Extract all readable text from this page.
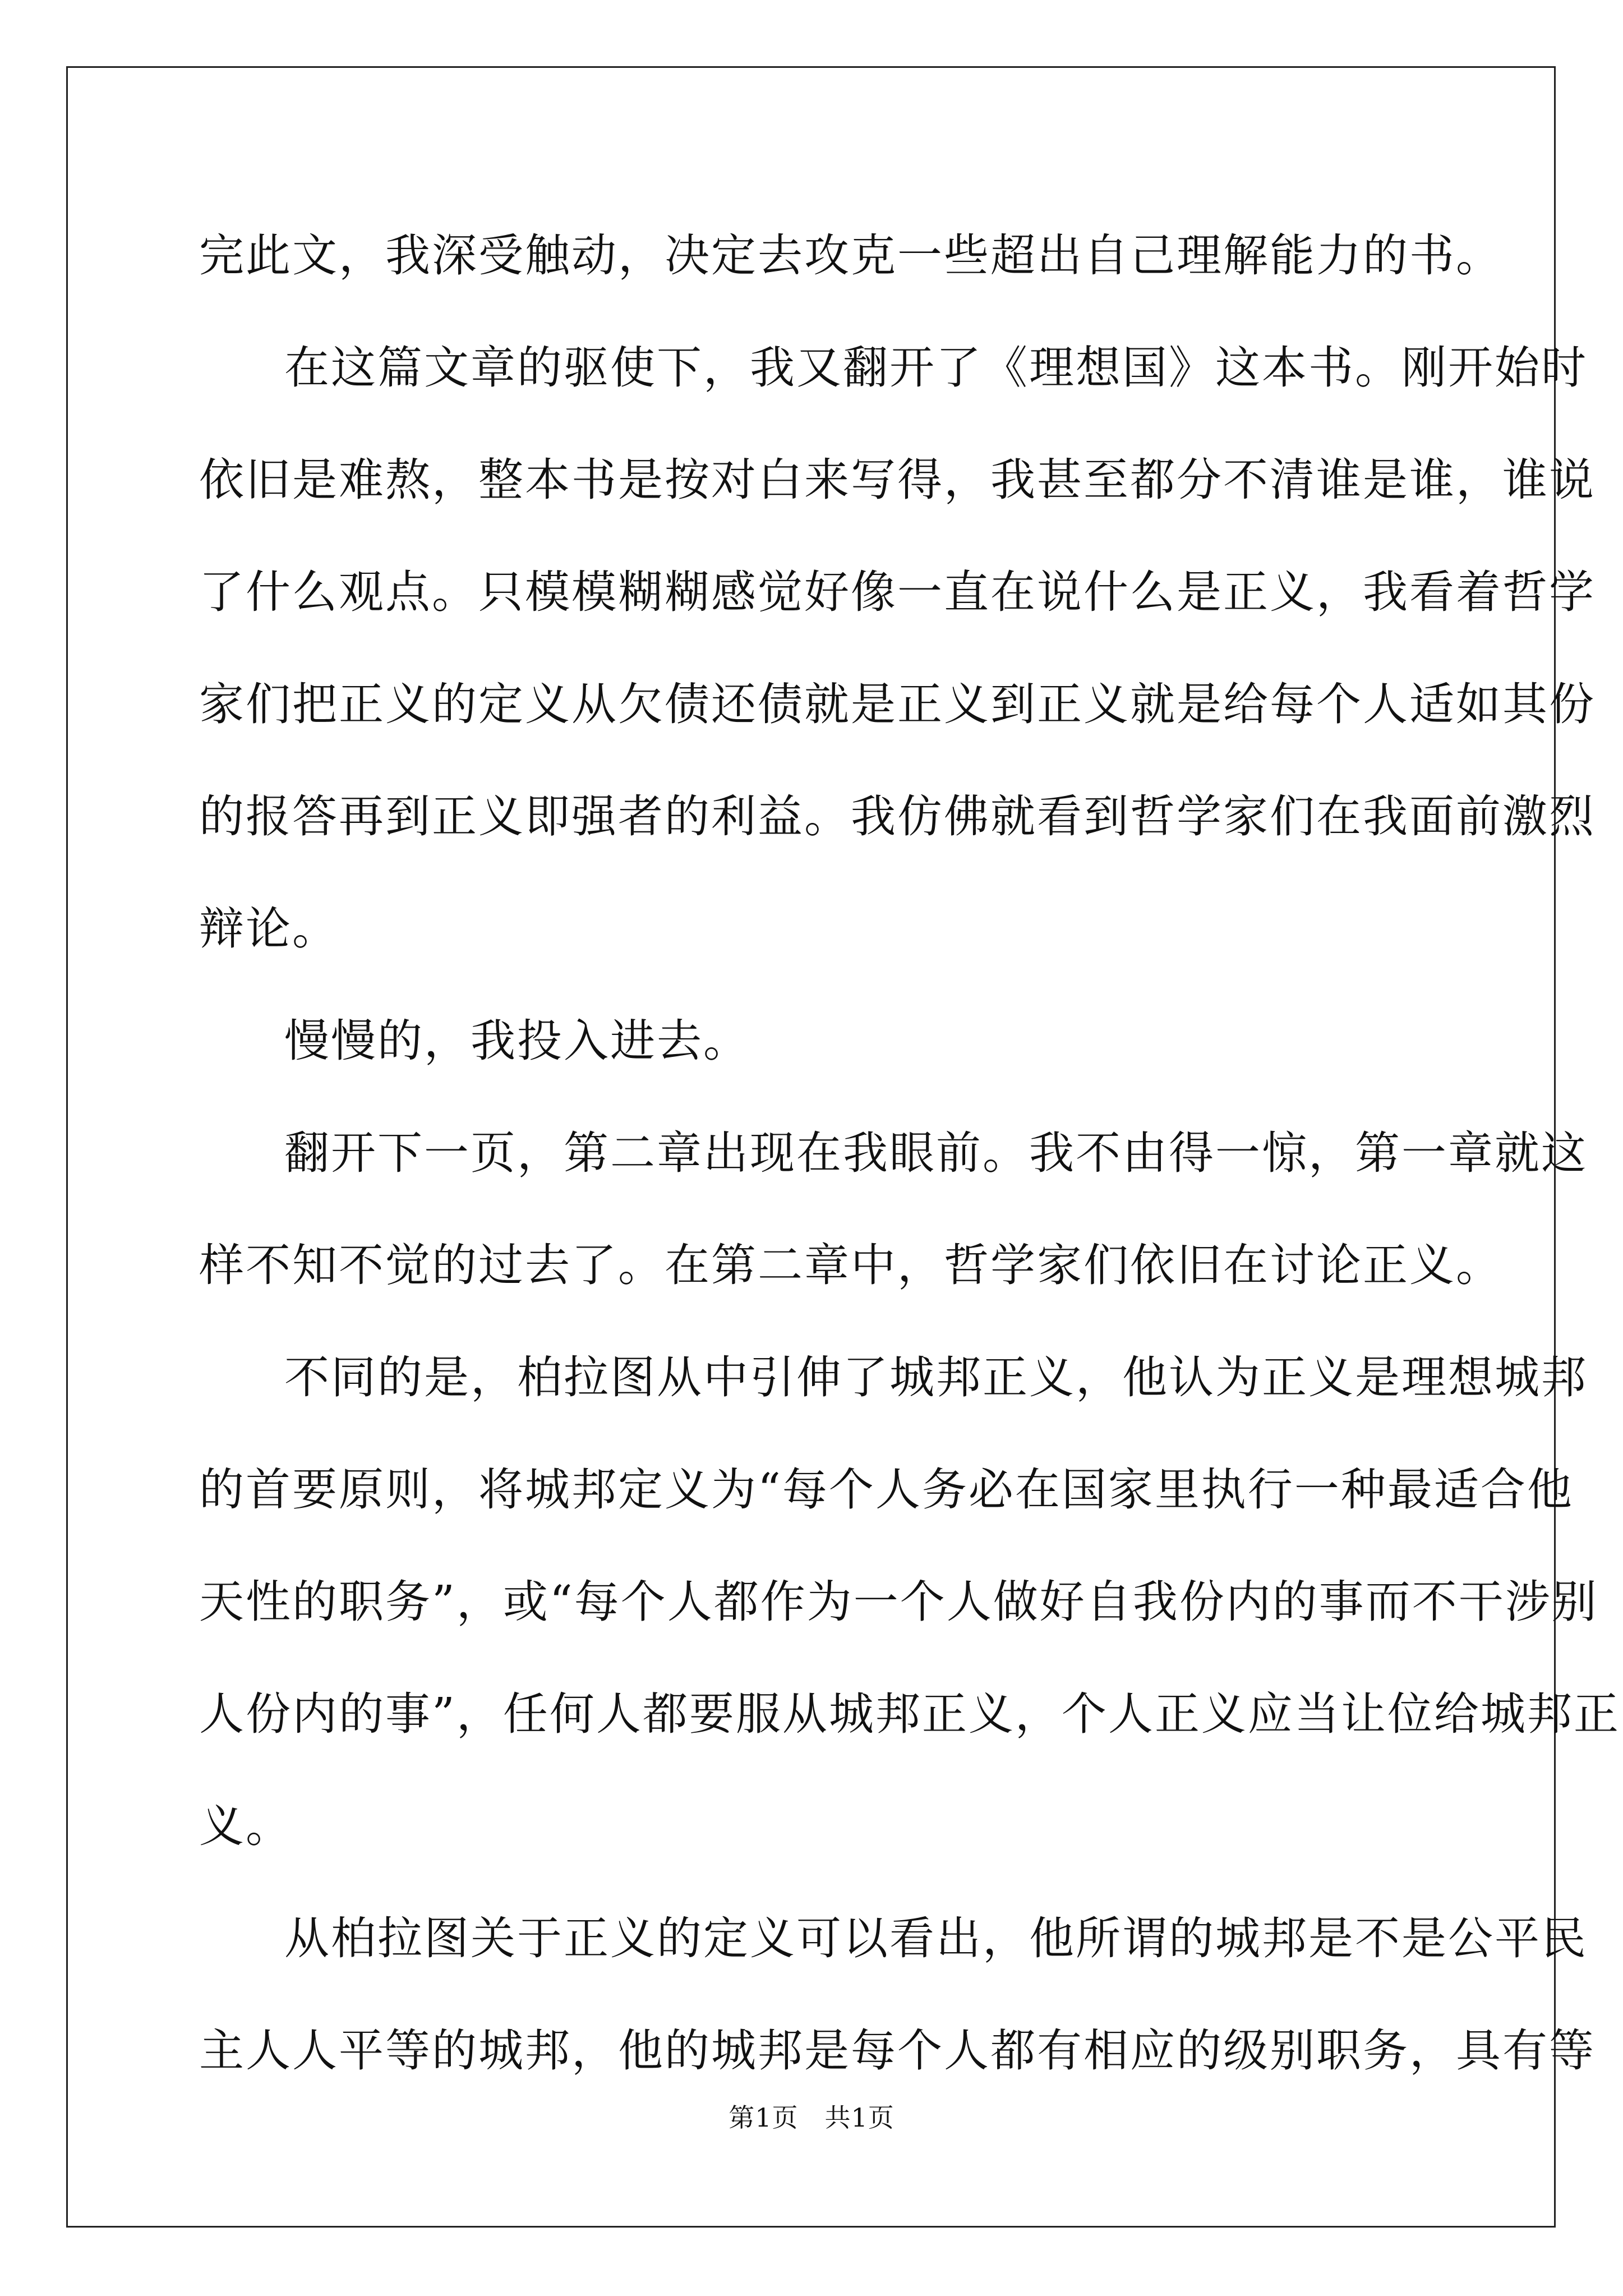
完此文，我深受触动，决定去攻克一些超出自己理解能力的书。
在这篇文章的驱使下，我又翻开了《理想国》这本书。刚开始时
依旧是难熬，整本书是按对白来写得，我甚至都分不清谁是谁，谁说
了什么观点。只模模糊糊感觉好像一直在说什么是正义，我看着哲学
家们把正义的定义从欠债还债就是正义到正义就是给每个人适如其份
的报答再到正义即强者的利益。我仿佛就看到哲学家们在我面前激烈
辩论。
慢慢的，我投入进去。
翻开下一页，第二章出现在我眼前。我不由得一惊，第一章就这
样不知不觉的过去了。在第二章中，哲学家们依旧在讨论正义。
不同的是，柏拉图从中引伸了城邦正义，他认为正义是理想城邦
的首要原则，将城邦定义为“每个人务必在国家里执行一种最适合他
天性的职务”，或“每个人都作为一个人做好自我份内的事而不干涉别
人份内的事”，任何人都要服从城邦正义，个人正义应当让位给城邦正
义。
从柏拉图关于正义的定义可以看出，他所谓的城邦是不是公平民
主人人平等的城邦，他的城邦是每个人都有相应的级别职务，具有等
第1页　共1页
